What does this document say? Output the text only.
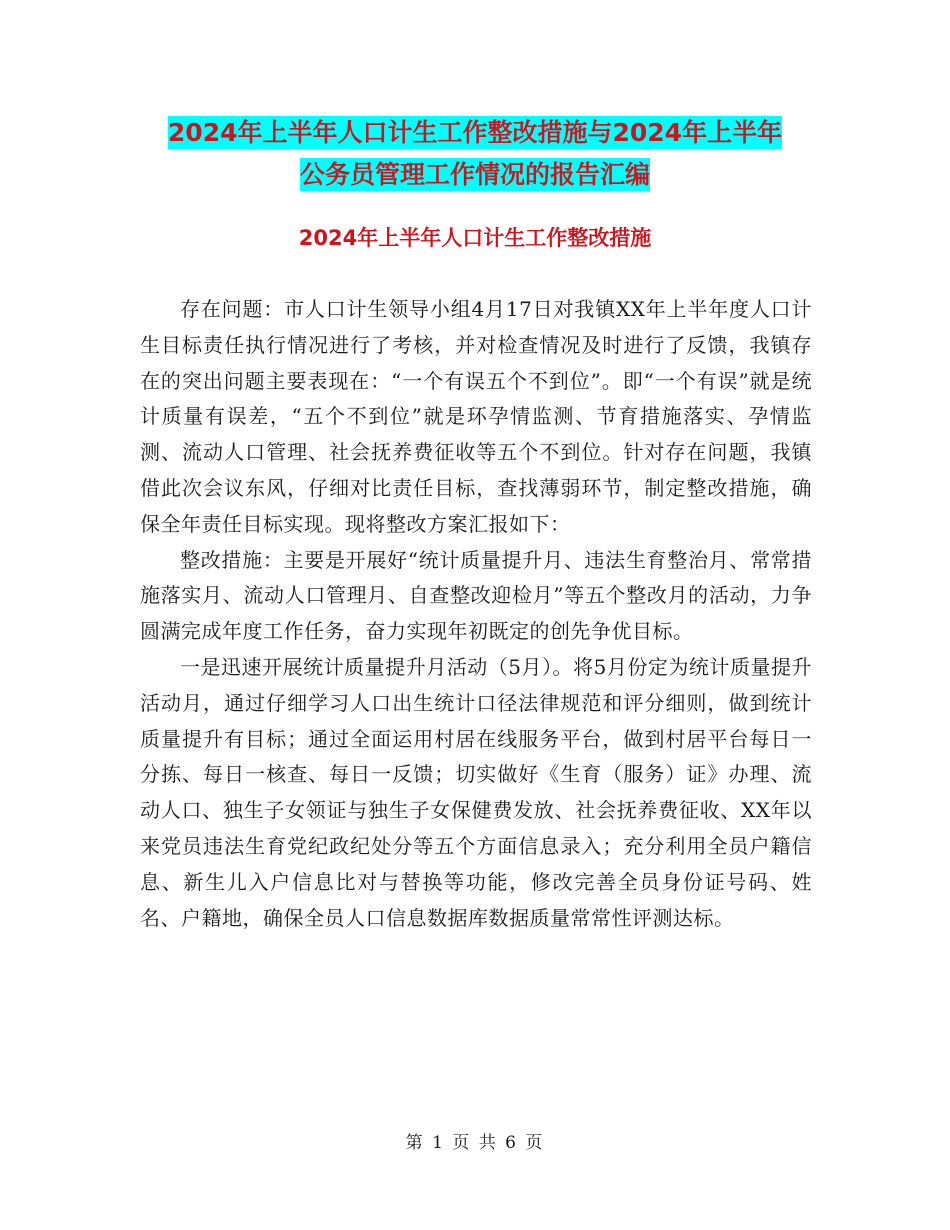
2024年上半年人口计生工作整改措施与2024年上半年
公务员管理工作情况的报告汇编
2024年上半年人口计生工作整改措施

存在问题：市人口计生领导小组4月17日对我镇XX年上半年度人口计生目标责任执行情况进行了考核，并对检查情况及时进行了反馈，我镇存在的突出问题主要表现在：“一个有误五个不到位”。即“一个有误”就是统计质量有误差，“五个不到位”就是环孕情监测、节育措施落实、孕情监测、流动人口管理、社会抚养费征收等五个不到位。针对存在问题，我镇借此次会议东风，仔细对比责任目标，查找薄弱环节，制定整改措施，确保全年责任目标实现。现将整改方案汇报如下：

整改措施：主要是开展好“统计质量提升月、违法生育整治月、常常措施落实月、流动人口管理月、自查整改迎检月”等五个整改月的活动，力争圆满完成年度工作任务，奋力实现年初既定的创先争优目标。

一是迅速开展统计质量提升月活动（5月）。将5月份定为统计质量提升活动月，通过仔细学习人口出生统计口径法律规范和评分细则，做到统计质量提升有目标；通过全面运用村居在线服务平台，做到村居平台每日一分拣、每日一核查、每日一反馈；切实做好《生育（服务）证》办理、流动人口、独生子女领证与独生子女保健费发放、社会抚养费征收、XX年以来党员违法生育党纪政纪处分等五个方面信息录入；充分利用全员户籍信息、新生儿入户信息比对与替换等功能，修改完善全员身份证号码、姓名、户籍地，确保全员人口信息数据库数据质量常常性评测达标。

第 1 页 共 6 页
